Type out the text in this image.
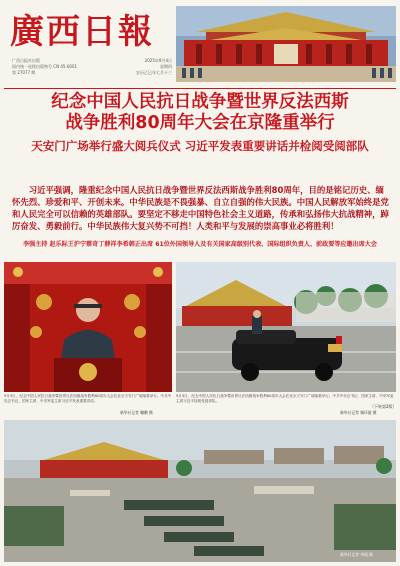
廣西日報
广西日报社出版	2025年9月4日
国内统一连续出版物号 CN 45-0001	星期四
第 27077 期	农历乙巳年七月十三
纪念中国人民抗日战争暨世界反法西斯
战争胜利80周年大会在京隆重举行
天安门广场举行盛大阅兵仪式 习近平发表重要讲话并检阅受阅部队
习近平强调，隆重纪念中国人民抗日战争暨世界反法西斯战争胜利80周年，目的是铭记历史、缅怀先烈、珍爱和平、开创未来。中华民族是不畏强暴、自立自强的伟大民族。中国人民解放军始终是党和人民完全可以信赖的英雄部队。要坚定不移走中国特色社会主义道路，传承和弘扬伟大抗战精神，踔厉奋发、勇毅前行。中华民族伟大复兴势不可挡！人类和平与发展的崇高事业必将胜利！
李强主持 赵乐际王沪宁蔡奇丁薛祥李希韩正出席 61位外国领导人及有关国家高级别代表、国际组织负责人、前政要等应邀出席大会
9月3日，纪念中国人民抗日战争暨世界反法西斯战争胜利80周年大会在北京天安门广场隆重举行。中共中央总书记、国家主席、中央军委主席习近平发表重要讲话。
9月3日，纪念中国人民抗日战争暨世界反法西斯战争胜利80周年大会在北京天安门广场隆重举行。中共中央总书记、国家主席、中央军委主席习近平检阅受阅部队。
新华社记者 鞠鹏 摄	新华社记者 谢环驰 摄
（下转第2版）
新华社记者 李刚 摄
